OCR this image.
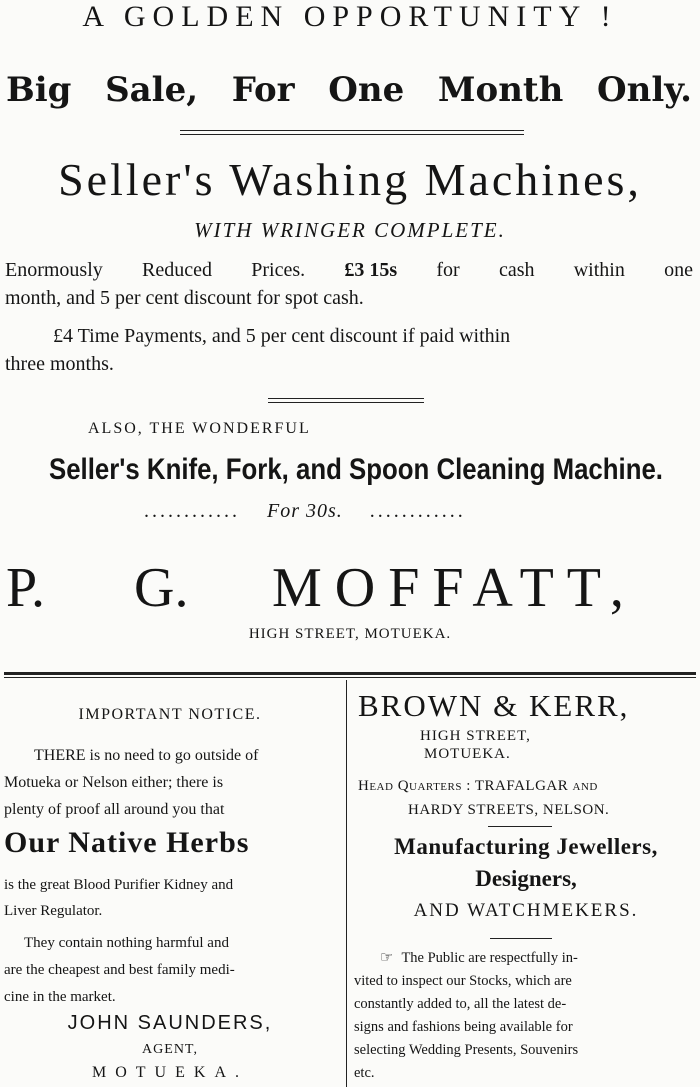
A GOLDEN OPPORTUNITY !
Big Sale, For One Month Only.
Seller's Washing Machines,
WITH WRINGER COMPLETE.
Enormously Reduced Prices. £3 15s for cash within one
month, and 5 per cent discount for spot cash.
£4 Time Payments, and 5 per cent discount if paid within
three months.
ALSO, THE WONDERFUL
Seller's Knife, Fork, and Spoon Cleaning Machine.
............ For 30s. ............
P.	G.	MOFFATT,
HIGH STREET, MOTUEKA.
IMPORTANT NOTICE.
THERE is no need to go outside of
Motueka or Nelson either; there is
plenty of proof all around you that
Our Native Herbs
is the great Blood Purifier Kidney and
Liver Regulator.
They contain nothing harmful and
are the cheapest and best family medi-
cine in the market.
JOHN SAUNDERS,
AGENT,
MOTUEKA.
BROWN & KERR,
HIGH STREET,
MOTUEKA.
Head Quarters : TRAFALGAR and
HARDY STREETS, NELSON.
Manufacturing Jewellers,
Designers,
AND WATCHMEKERS.
☞ The Public are respectfully in-
vited to inspect our Stocks, which are
constantly added to, all the latest de-
signs and fashions being available for
selecting Wedding Presents, Souvenirs
etc.
